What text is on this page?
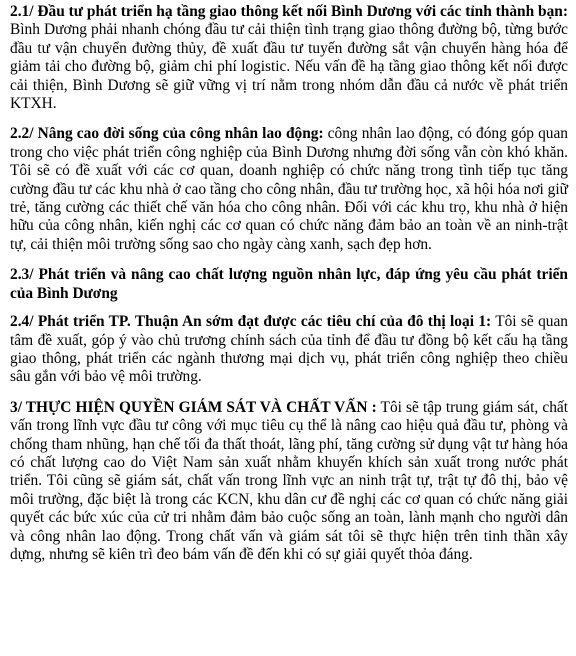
2.1/ Đầu tư phát triển hạ tầng giao thông kết nối Bình Dương với các tỉnh thành bạn: Bình Dương phải nhanh chóng đầu tư cải thiện tình trạng giao thông đường bộ, từng bước đầu tư vận chuyển đường thủy, đề xuất đầu tư tuyến đường sắt vận chuyển hàng hóa để giảm tải cho đường bộ, giảm chi phí logistic. Nếu vấn đề hạ tầng giao thông kết nối được cải thiện, Bình Dương sẽ giữ vững vị trí nằm trong nhóm dẫn đầu cả nước về phát triển KTXH.

2.2/ Nâng cao đời sống của công nhân lao động: công nhân lao động, có đóng góp quan trong cho việc phát triển công nghiệp của Bình Dương nhưng đời sống vẫn còn khó khăn. Tôi sẽ có đề xuất với các cơ quan, doanh nghiệp có chức năng trong tình tiếp tục tăng cường đầu tư các khu nhà ở cao tầng cho công nhân, đầu tư trường học, xã hội hóa nơi giữ trẻ, tăng cường các thiết chế văn hóa cho công nhân. Đối với các khu trọ, khu nhà ở hiện hữu của công nhân, kiến nghị các cơ quan có chức năng đảm bảo an toàn về an ninh-trật tự, cải thiện môi trường sống sao cho ngày càng xanh, sạch đẹp hơn.

2.3/ Phát triển và nâng cao chất lượng nguồn nhân lực, đáp ứng yêu cầu phát triển của Bình Dương

2.4/ Phát triển TP. Thuận An sớm đạt được các tiêu chí của đô thị loại 1: Tôi sẽ quan tâm đề xuất, góp ý vào chủ trương chính sách của tỉnh để đầu tư đồng bộ kết cấu hạ tầng giao thông, phát triển các ngành thương mại dịch vụ, phát triển công nghiệp theo chiều sâu gắn với bảo vệ môi trường.

3/ THỰC HIỆN QUYỀN GIÁM SÁT VÀ CHẤT VẤN : Tôi sẽ tập trung giám sát, chất vấn trong lĩnh vực đầu tư công với mục tiêu cụ thể là nâng cao hiệu quả đầu tư, phòng và chống tham nhũng, hạn chế tối đa thất thoát, lãng phí, tăng cường sử dụng vật tư hàng hóa có chất lượng cao do Việt Nam sản xuất nhằm khuyến khích sản xuất trong nước phát triển. Tôi cũng sẽ giám sát, chất vấn trong lĩnh vực an ninh trật tự, trật tự đô thị, bảo vệ môi trường, đặc biệt là trong các KCN, khu dân cư đề nghị các cơ quan có chức năng giải quyết các bức xúc của cử tri nhằm đảm bảo cuộc sống an toàn, lành mạnh cho người dân và công nhân lao động. Trong chất vấn và giám sát tôi sẽ thực hiện trên tinh thần xây dựng, nhưng sẽ kiên trì đeo bám vấn đề đến khi có sự giải quyết thỏa đáng.
